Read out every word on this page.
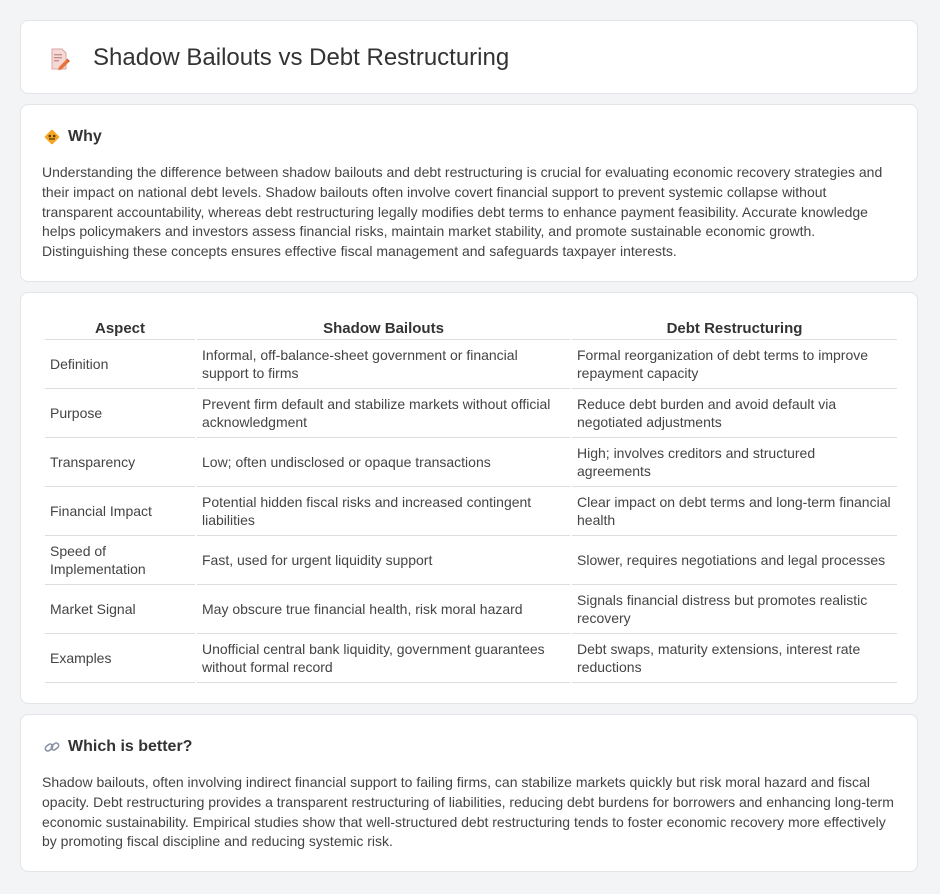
Shadow Bailouts vs Debt Restructuring
Why

Understanding the difference between shadow bailouts and debt restructuring is crucial for evaluating economic recovery strategies and their impact on national debt levels. Shadow bailouts often involve covert financial support to prevent systemic collapse without transparent accountability, whereas debt restructuring legally modifies debt terms to enhance payment feasibility. Accurate knowledge helps policymakers and investors assess financial risks, maintain market stability, and promote sustainable economic growth. Distinguishing these concepts ensures effective fiscal management and safeguards taxpayer interests.

Aspect	Shadow Bailouts	Debt Restructuring
Definition	Informal, off-balance-sheet government or financial support to firms	Formal reorganization of debt terms to improve repayment capacity
Purpose	Prevent firm default and stabilize markets without official acknowledgment	Reduce debt burden and avoid default via negotiated adjustments
Transparency	Low; often undisclosed or opaque transactions	High; involves creditors and structured agreements
Financial Impact	Potential hidden fiscal risks and increased contingent liabilities	Clear impact on debt terms and long-term financial health
Speed of Implementation	Fast, used for urgent liquidity support	Slower, requires negotiations and legal processes
Market Signal	May obscure true financial health, risk moral hazard	Signals financial distress but promotes realistic recovery
Examples	Unofficial central bank liquidity, government guarantees without formal record	Debt swaps, maturity extensions, interest rate reductions
Which is better?

Shadow bailouts, often involving indirect financial support to failing firms, can stabilize markets quickly but risk moral hazard and fiscal opacity. Debt restructuring provides a transparent restructuring of liabilities, reducing debt burdens for borrowers and enhancing long-term economic sustainability. Empirical studies show that well-structured debt restructuring tends to foster economic recovery more effectively by promoting fiscal discipline and reducing systemic risk.
